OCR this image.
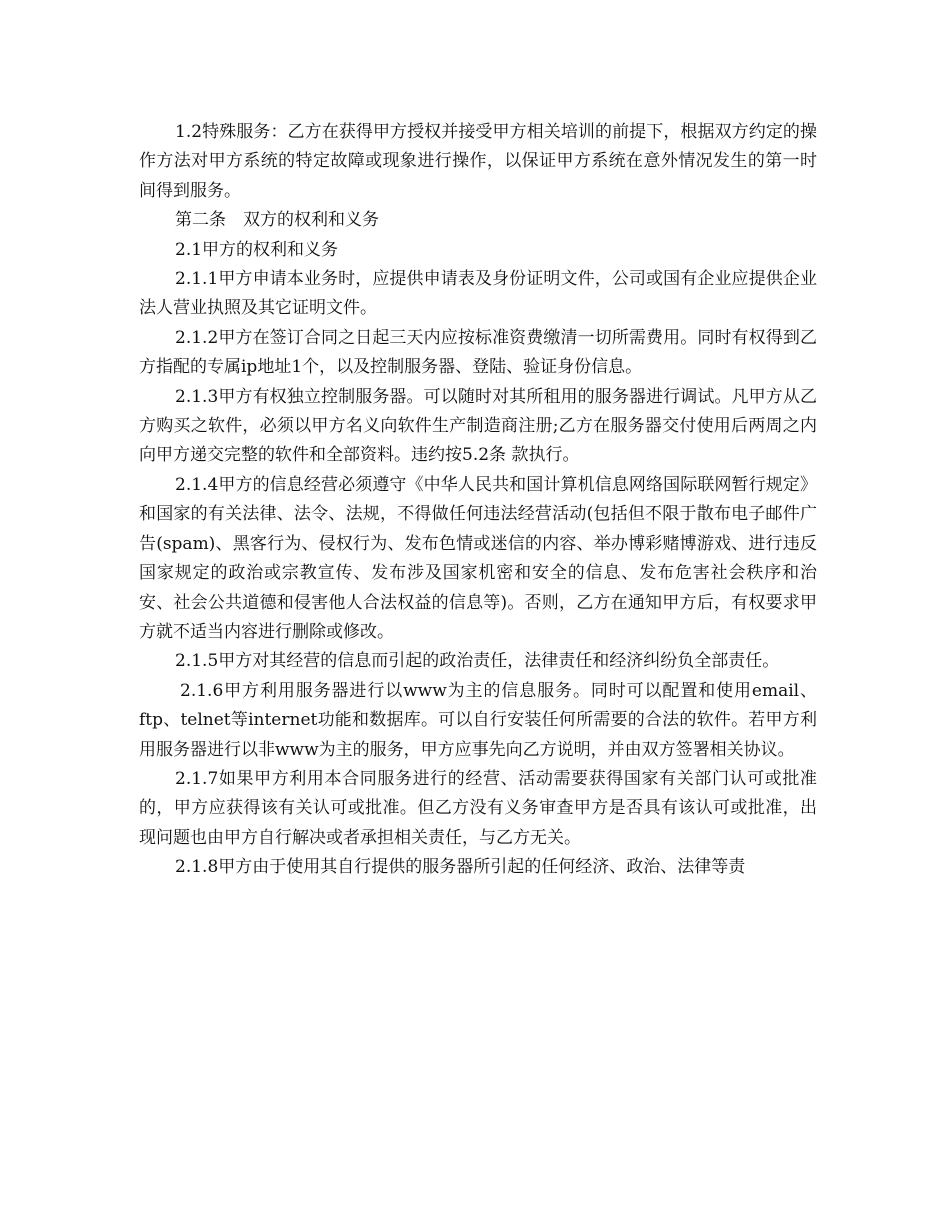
1.2特殊服务：乙方在获得甲方授权并接受甲方相关培训的前提下，根据双方约定的操作方法对甲方系统的特定故障或现象进行操作，以保证甲方系统在意外情况发生的第一时间得到服务。

第二条　双方的权利和义务

2.1甲方的权利和义务

2.1.1甲方申请本业务时，应提供申请表及身份证明文件，公司或国有企业应提供企业法人营业执照及其它证明文件。

2.1.2甲方在签订合同之日起三天内应按标准资费缴清一切所需费用。同时有权得到乙方指配的专属ip地址1个，以及控制服务器、登陆、验证身份信息。

2.1.3甲方有权独立控制服务器。可以随时对其所租用的服务器进行调试。凡甲方从乙方购买之软件，必须以甲方名义向软件生产制造商注册;乙方在服务器交付使用后两周之内向甲方递交完整的软件和全部资料。违约按5.2条 款执行。

2.1.4甲方的信息经营必须遵守《中华人民共和国计算机信息网络国际联网暂行规定》和国家的有关法律、法令、法规，不得做任何违法经营活动(包括但不限于散布电子邮件广告(spam)、黑客行为、侵权行为、发布色情或迷信的内容、举办博彩赌博游戏、进行违反国家规定的政治或宗教宣传、发布涉及国家机密和安全的信息、发布危害社会秩序和治安、社会公共道德和侵害他人合法权益的信息等)。否则，乙方在通知甲方后，有权要求甲方就不适当内容进行删除或修改。

2.1.5甲方对其经营的信息而引起的政治责任，法律责任和经济纠纷负全部责任。

2.1.6甲方利用服务器进行以www为主的信息服务。同时可以配置和使用email、ftp、telnet等internet功能和数据库。可以自行安装任何所需要的合法的软件。若甲方利用服务器进行以非www为主的服务，甲方应事先向乙方说明，并由双方签署相关协议。

2.1.7如果甲方利用本合同服务进行的经营、活动需要获得国家有关部门认可或批准的，甲方应获得该有关认可或批准。但乙方没有义务审查甲方是否具有该认可或批准，出现问题也由甲方自行解决或者承担相关责任，与乙方无关。

2.1.8甲方由于使用其自行提供的服务器所引起的任何经济、政治、法律等责
